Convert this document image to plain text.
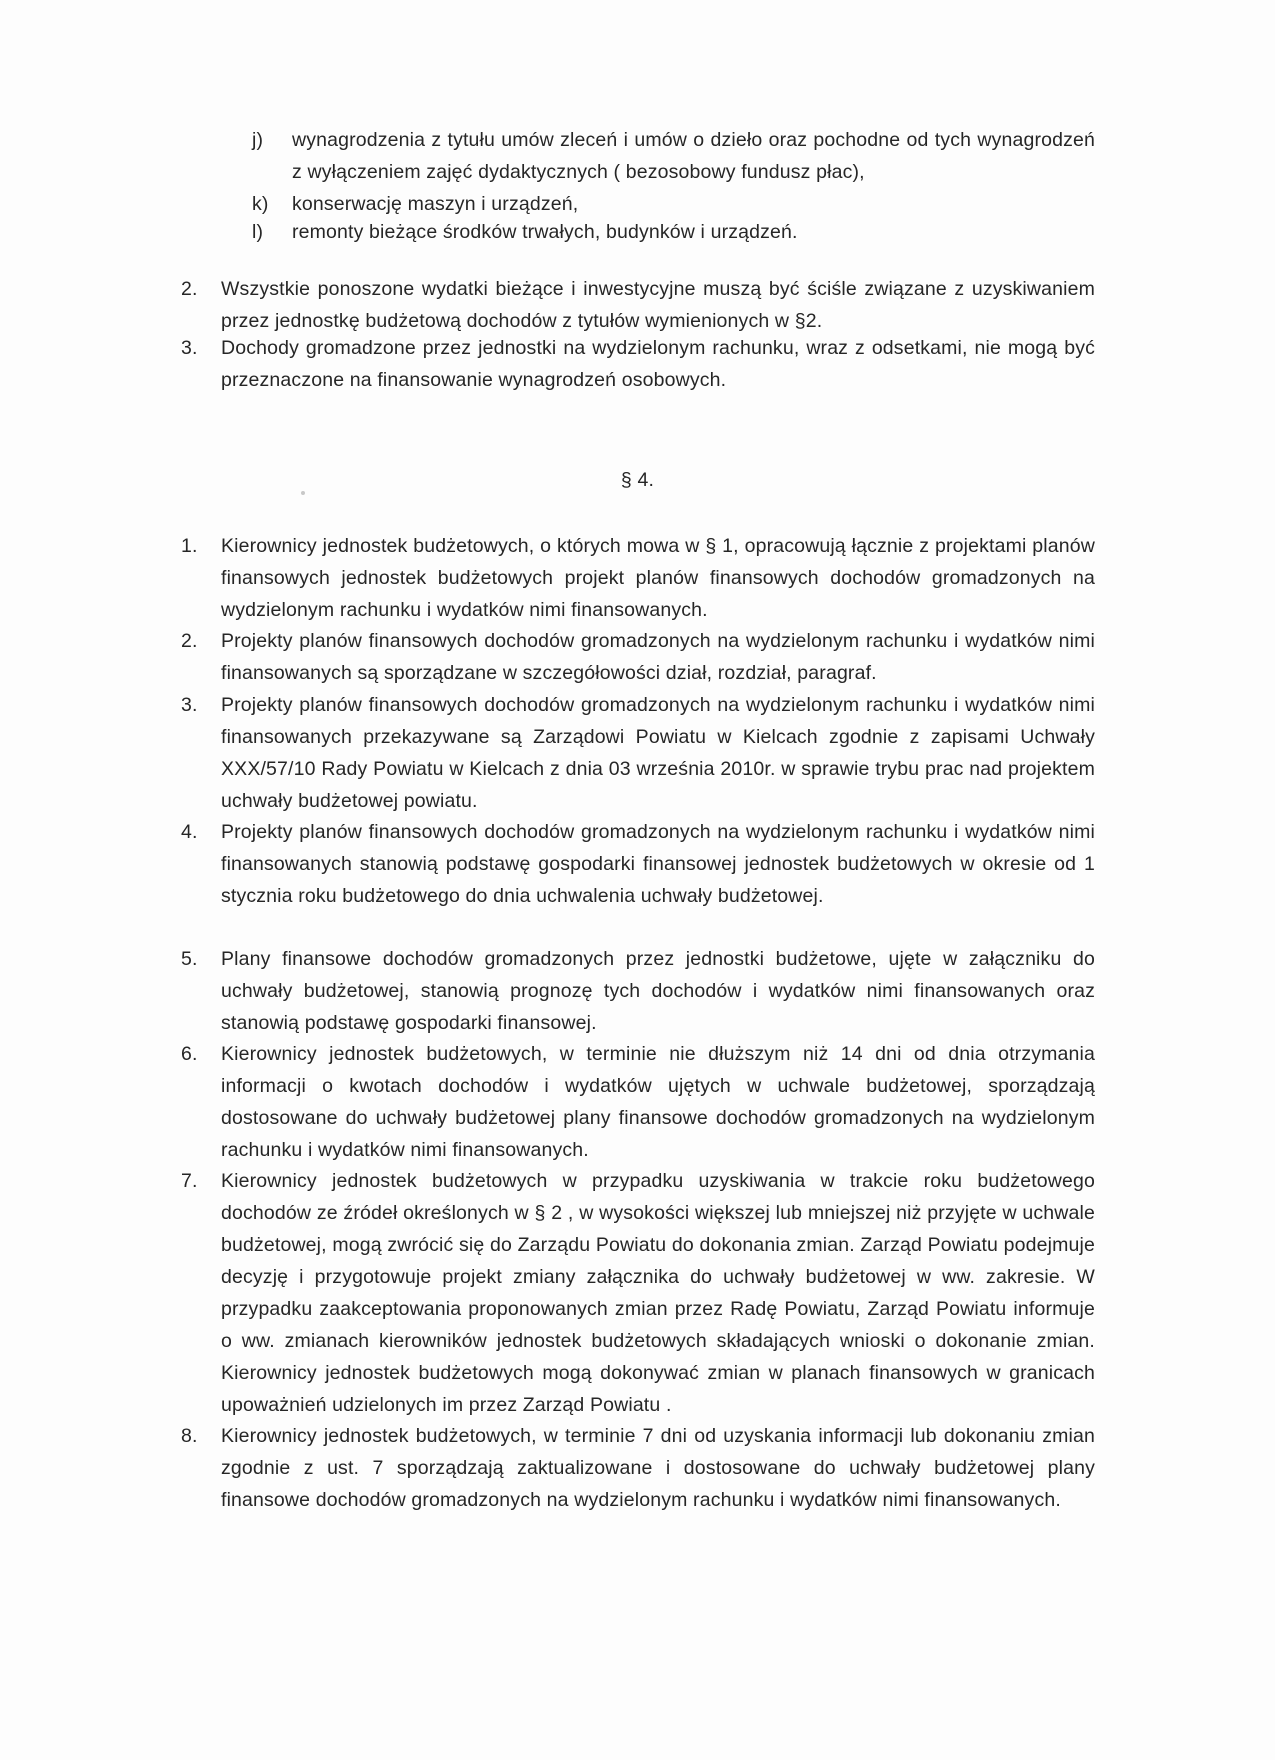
j)	wynagrodzenia z tytułu umów zleceń i umów o dzieło oraz pochodne od tych wynagrodzeń z wyłączeniem zajęć dydaktycznych ( bezosobowy fundusz płac),
k)	konserwację maszyn i urządzeń,
l)	remonty bieżące środków trwałych, budynków i urządzeń.
2.	Wszystkie ponoszone wydatki bieżące i inwestycyjne muszą być ściśle związane z uzyskiwaniem przez jednostkę budżetową dochodów z tytułów wymienionych w §2.
3.	Dochody gromadzone przez jednostki na wydzielonym rachunku, wraz z odsetkami, nie mogą być przeznaczone na finansowanie wynagrodzeń osobowych.
§ 4.
1.	Kierownicy jednostek budżetowych, o których mowa w § 1, opracowują łącznie z projektami planów finansowych jednostek budżetowych projekt planów finansowych dochodów gromadzonych na wydzielonym rachunku i wydatków nimi finansowanych.
2.	Projekty planów finansowych dochodów gromadzonych na wydzielonym rachunku i wydatków nimi finansowanych są sporządzane w szczegółowości dział, rozdział, paragraf.
3.	Projekty planów finansowych dochodów gromadzonych na wydzielonym rachunku i wydatków nimi finansowanych przekazywane są Zarządowi Powiatu w Kielcach zgodnie z zapisami Uchwały XXX/57/10 Rady Powiatu w Kielcach z dnia 03 września 2010r. w sprawie trybu prac nad projektem uchwały budżetowej powiatu.
4.	Projekty planów finansowych dochodów gromadzonych na wydzielonym rachunku i wydatków nimi finansowanych stanowią podstawę gospodarki finansowej jednostek budżetowych w okresie od 1 stycznia roku budżetowego do dnia uchwalenia uchwały budżetowej.
5.	Plany finansowe dochodów gromadzonych przez jednostki budżetowe, ujęte w załączniku do uchwały budżetowej, stanowią prognozę tych dochodów i wydatków nimi finansowanych oraz stanowią podstawę gospodarki finansowej.
6.	Kierownicy jednostek budżetowych, w terminie nie dłuższym niż 14 dni od dnia otrzymania informacji o kwotach dochodów i wydatków ujętych w uchwale budżetowej, sporządzają dostosowane do uchwały budżetowej plany finansowe dochodów gromadzonych na wydzielonym rachunku i wydatków nimi finansowanych.
7.	Kierownicy jednostek budżetowych w przypadku uzyskiwania w trakcie roku budżetowego dochodów ze źródeł określonych w § 2 , w wysokości większej lub mniejszej niż przyjęte w uchwale budżetowej, mogą zwrócić się do Zarządu Powiatu do dokonania zmian. Zarząd Powiatu podejmuje decyzję i przygotowuje projekt zmiany załącznika do uchwały budżetowej w ww. zakresie. W przypadku zaakceptowania proponowanych zmian przez Radę Powiatu, Zarząd Powiatu informuje o ww. zmianach kierowników jednostek budżetowych składających wnioski o dokonanie zmian. Kierownicy jednostek budżetowych mogą dokonywać zmian w planach finansowych w granicach upoważnień udzielonych im przez Zarząd Powiatu .
8.	Kierownicy jednostek budżetowych, w terminie 7 dni od uzyskania informacji lub dokonaniu zmian zgodnie z ust. 7 sporządzają zaktualizowane i dostosowane do uchwały budżetowej plany finansowe dochodów gromadzonych na wydzielonym rachunku i wydatków nimi finansowanych.
